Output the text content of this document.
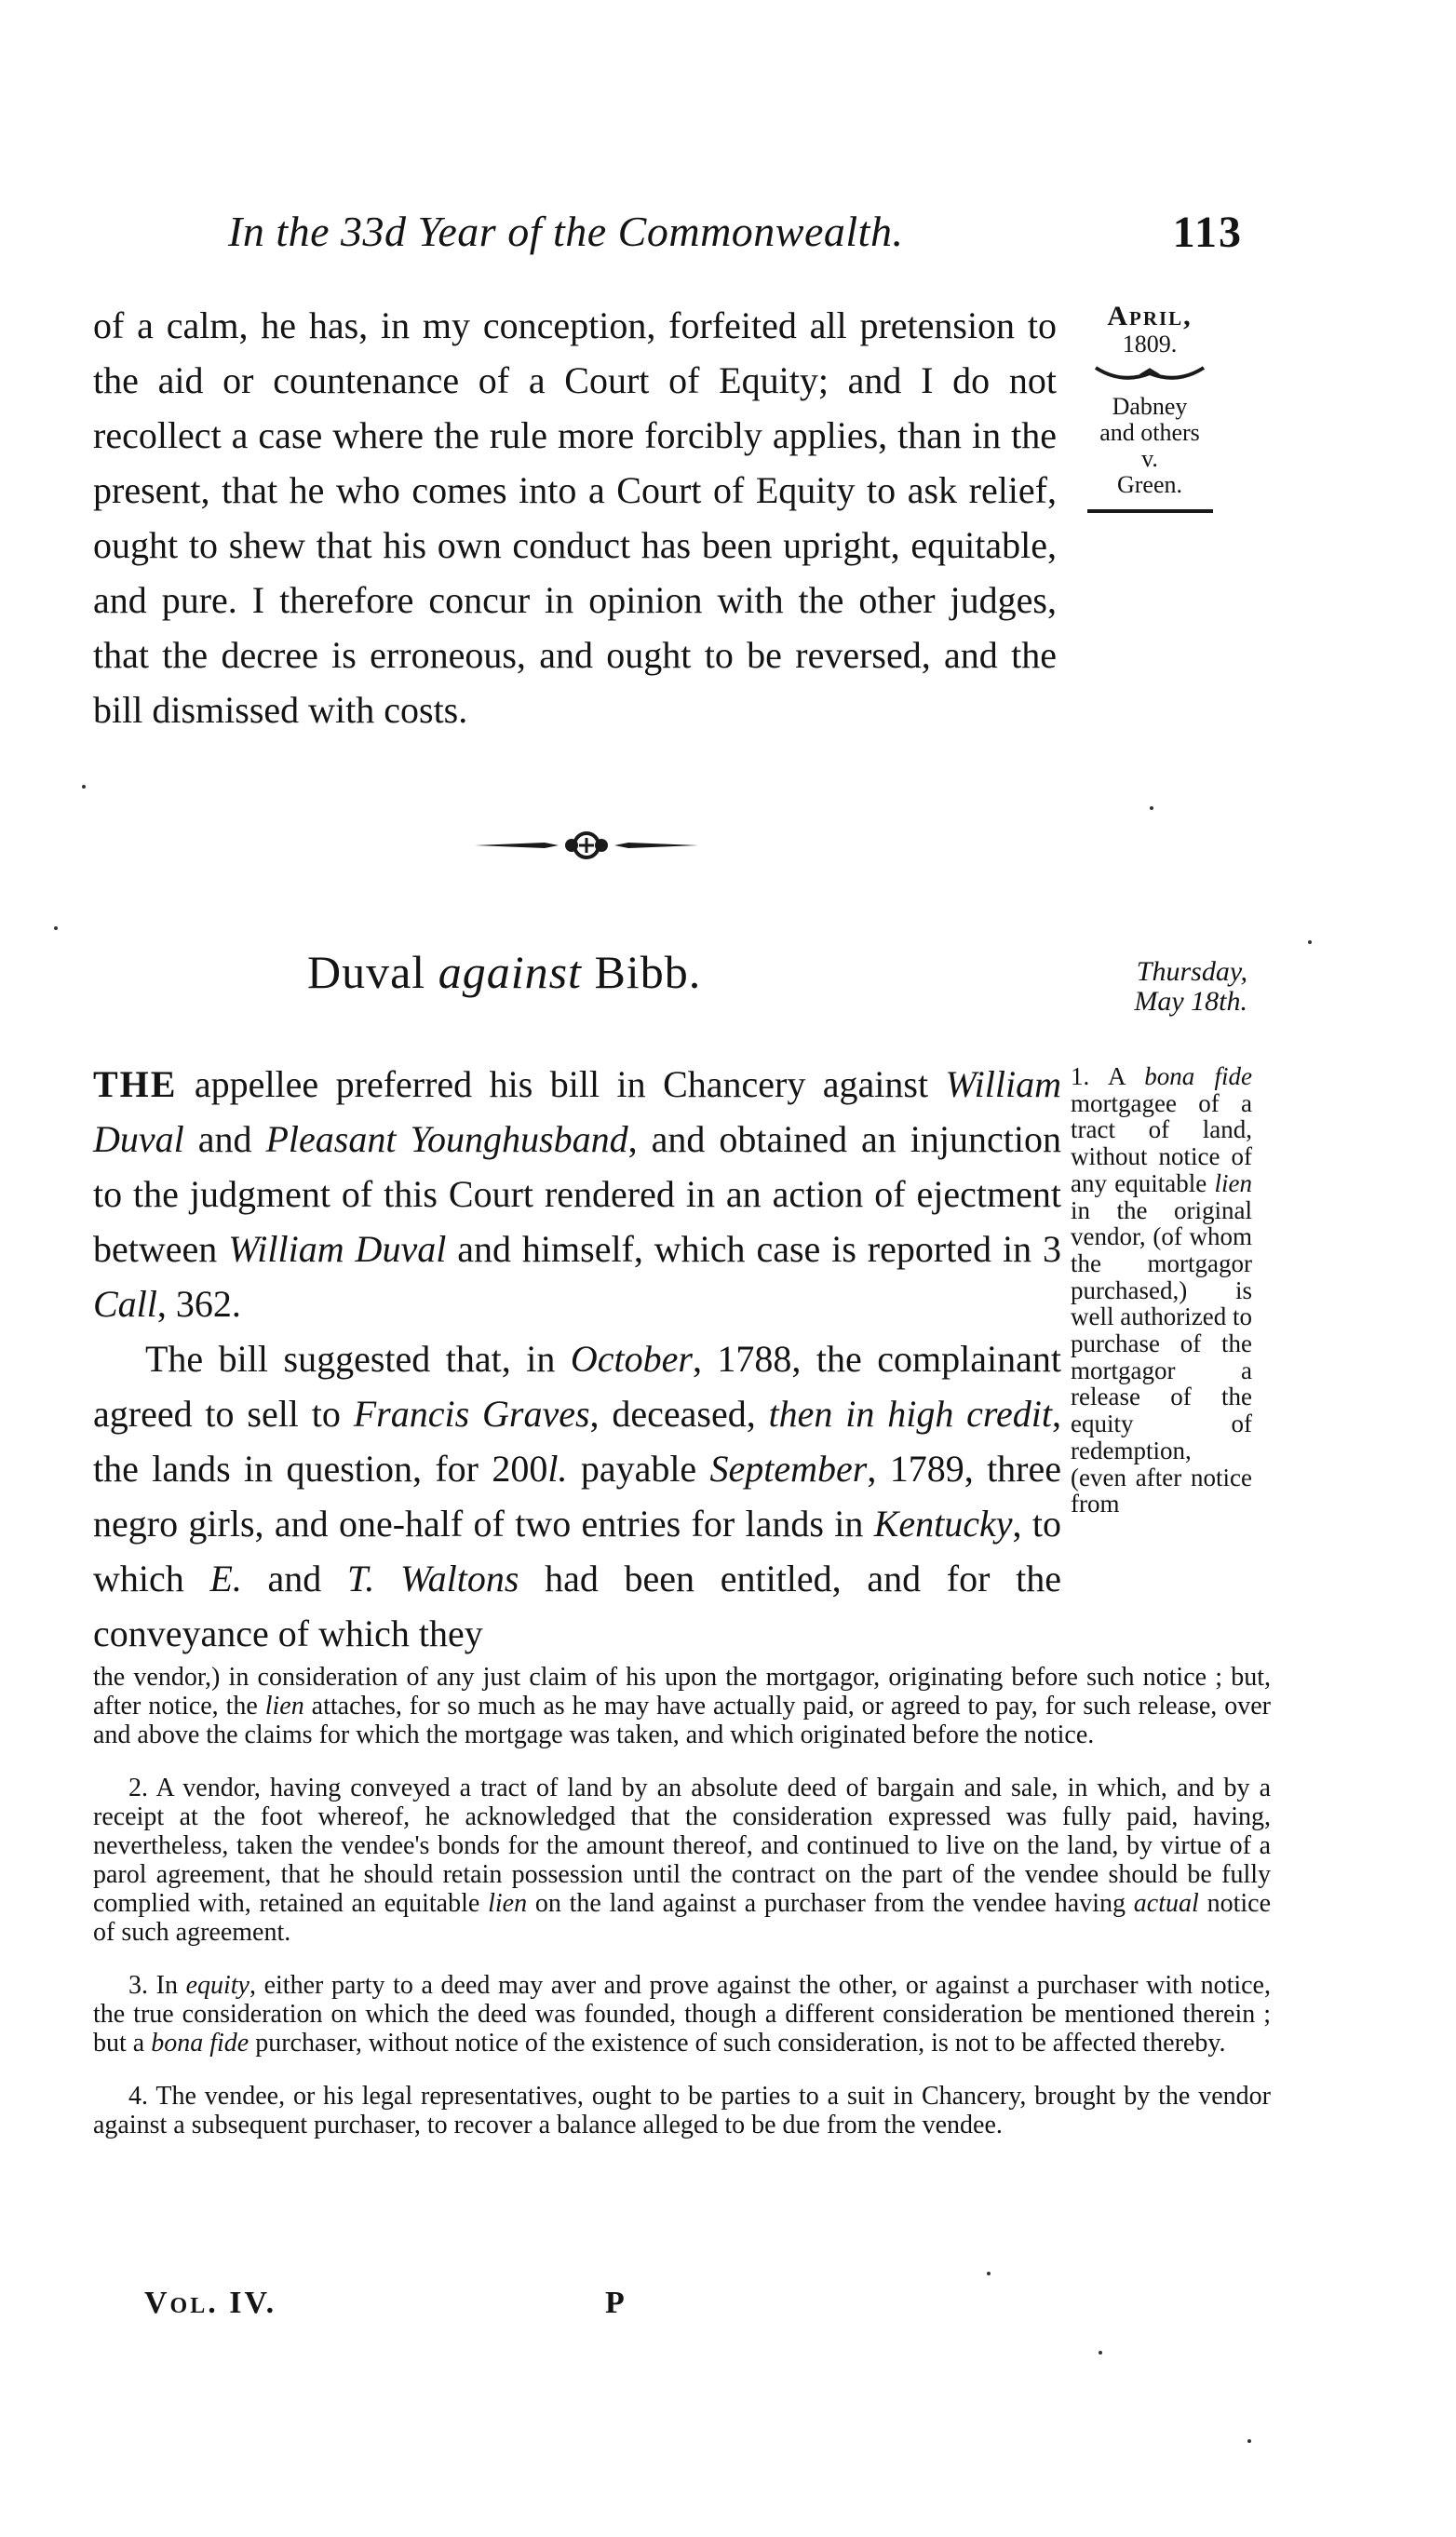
In the 33d Year of the Commonwealth.	113

of a calm, he has, in my conception, forfeited all pretension to the aid or countenance of a Court of Equity; and I do not recollect a case where the rule more forcibly applies, than in the present, that he who comes into a Court of Equity to ask relief, ought to shew that his own conduct has been upright, equitable, and pure. I therefore concur in opinion with the other judges, that the decree is erroneous, and ought to be reversed, and the bill dismissed with costs.

April,
1809.
Dabney
and others
v.
Green.
Duval against Bibb.	Thursday,
May 18th.

THE appellee preferred his bill in Chancery against William Duval and Pleasant Younghusband, and obtained an injunction to the judgment of this Court rendered in an action of ejectment between William Duval and himself, which case is reported in 3 Call, 362.

The bill suggested that, in October, 1788, the complainant agreed to sell to Francis Graves, deceased, then in high credit, the lands in question, for 200l. payable September, 1789, three negro girls, and one-half of two entries for lands in Kentucky, to which E. and T. Waltons had been entitled, and for the conveyance of which they

1. A bona fide mortgagee of a tract of land, without notice of any equitable lien in the original vendor, (of whom the mortgagor purchased,) is well authorized to purchase of the mortgagor a release of the equity of redemption, (even after notice from

the vendor,) in consideration of any just claim of his upon the mortgagor, originating before such notice ; but, after notice, the lien attaches, for so much as he may have actually paid, or agreed to pay, for such release, over and above the claims for which the mortgage was taken, and which originated before the notice.

2. A vendor, having conveyed a tract of land by an absolute deed of bargain and sale, in which, and by a receipt at the foot whereof, he acknowledged that the consideration expressed was fully paid, having, nevertheless, taken the vendee's bonds for the amount thereof, and continued to live on the land, by virtue of a parol agreement, that he should retain possession until the contract on the part of the vendee should be fully complied with, retained an equitable lien on the land against a purchaser from the vendee having actual notice of such agreement.

3. In equity, either party to a deed may aver and prove against the other, or against a purchaser with notice, the true consideration on which the deed was founded, though a different consideration be mentioned therein ; but a bona fide purchaser, without notice of the existence of such consideration, is not to be affected thereby.

4. The vendee, or his legal representatives, ought to be parties to a suit in Chancery, brought by the vendor against a subsequent purchaser, to recover a balance alleged to be due from the vendee.

Vol. IV.	P
